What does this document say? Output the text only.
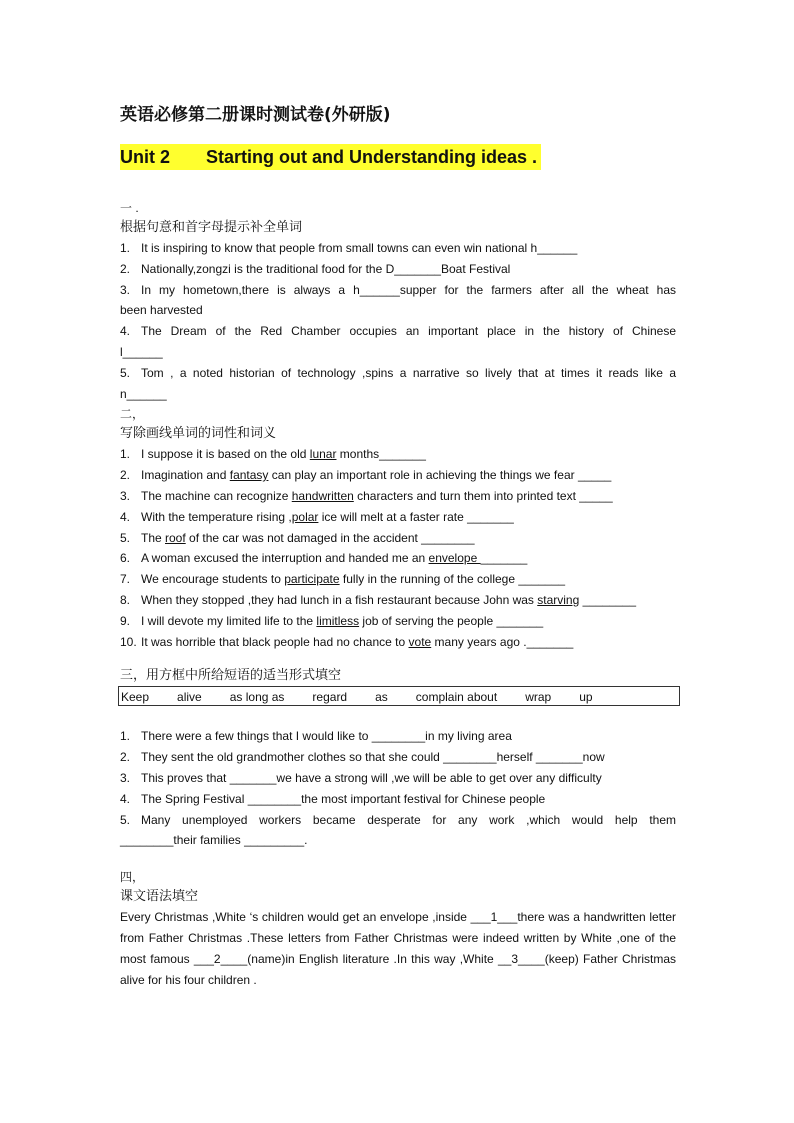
英语必修第二册课时测试卷(外研版)
Unit 2 Starting out and Understanding ideas .
一 .
根据句意和首字母提示补全单词
1. It is inspiring to know that people from small towns can even win national h______
2. Nationally,zongzi is the traditional food for the D_______Boat Festival
3. In my hometown,there is always a h______supper for the farmers after all the wheat has
been harvested
4. The Dream of the Red Chamber occupies an important place in the history of Chinese
l______
5. Tom , a noted historian of technology ,spins a narrative so lively that at times it reads like a
n______
二，
写除画线单词的词性和词义
1. I suppose it is based on the old lunar months_______
2. Imagination and fantasy can play an important role in achieving the things we fear _____
3. The machine can recognize handwritten characters and turn them into printed text _____
4. With the temperature rising ,polar ice will melt at a faster rate _______
5. The roof of the car was not damaged in the accident ________
6. A woman excused the interruption and handed me an envelope _______
7. We encourage students to participate fully in the running of the college _______
8. When they stopped ,they had lunch in a fish restaurant because John was starving ________
9. I will devote my limited life to the limitless job of serving the people _______
10. It was horrible that black people had no chance to vote many years ago ._______
三，用方框中所给短语的适当形式填空
Keep alive as long as regard as complain about wrap up
1. There were a few things that I would like to ________in my living area
2. They sent the old grandmother clothes so that she could ________herself _______now
3. This proves that _______we have a strong will ,we will be able to get over any difficulty
4. The Spring Festival ________the most important festival for Chinese people
5. Many unemployed workers became desperate for any work ,which would help them
________their families _________.
四，
课文语法填空
Every Christmas ,White ‘s children would get an envelope ,inside ___1___there was a handwritten letter from Father Christmas .These letters from Father Christmas were indeed written by White ,one of the most famous ___2____(name)in English literature .In this way ,White __3____(keep) Father Christmas alive for his four children .
